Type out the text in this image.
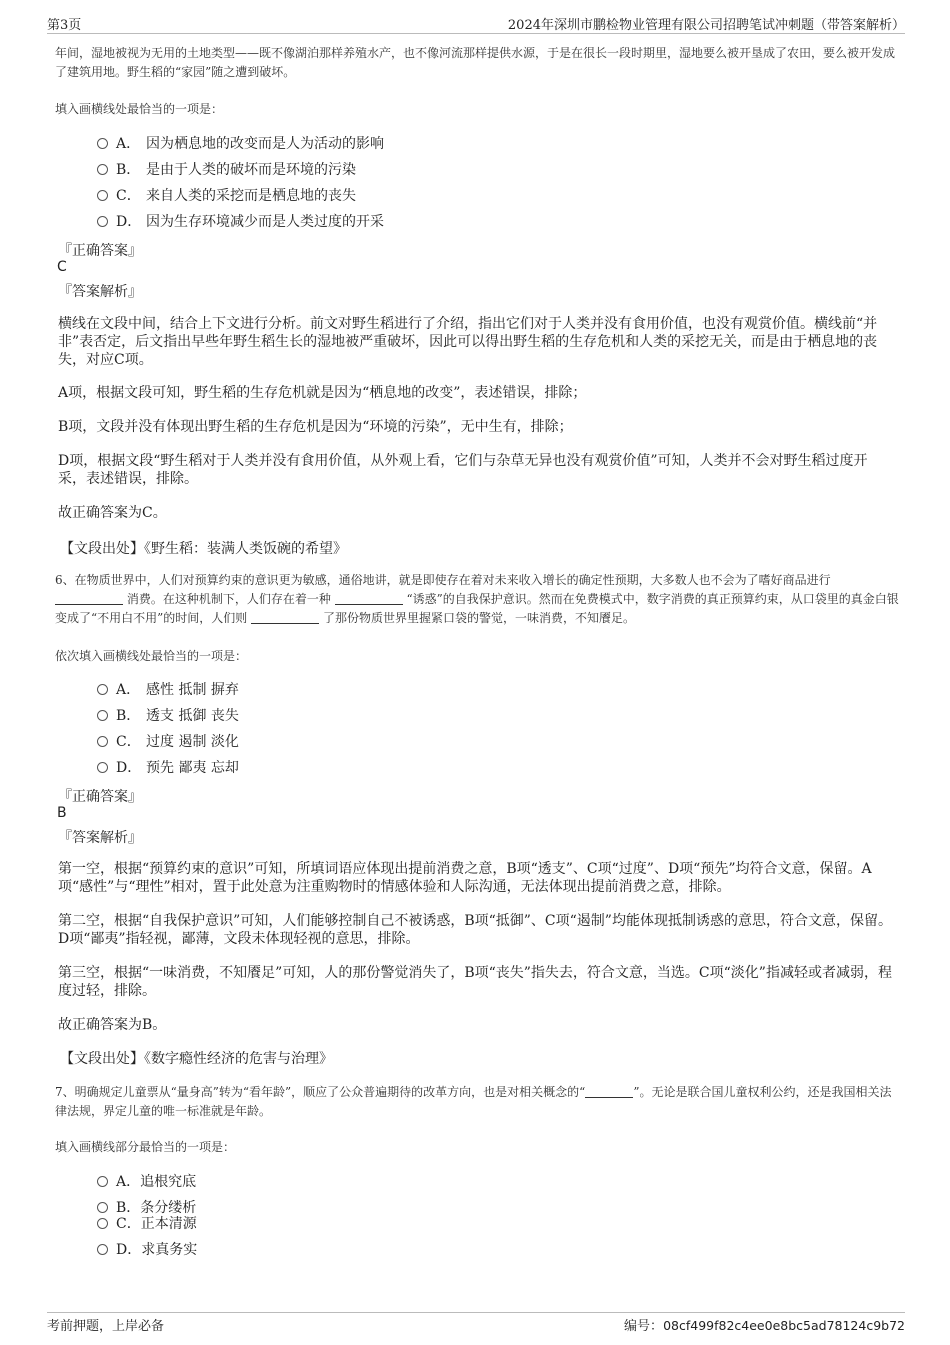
第3页	2024年深圳市鹏检物业管理有限公司招聘笔试冲刺题（带答案解析）
年间，湿地被视为无用的土地类型——既不像湖泊那样养殖水产，也不像河流那样提供水源，于是在很长一段时期里，湿地要么被开垦成了农田，要么被开发成了建筑用地。野生稻的“家园”随之遭到破坏。
填入画横线处最恰当的一项是：
A． 因为栖息地的改变而是人为活动的影响
B． 是由于人类的破坏而是环境的污染
C． 来自人类的采挖而是栖息地的丧失
D． 因为生存环境减少而是人类过度的开采
『正确答案』
C
『答案解析』
横线在文段中间，结合上下文进行分析。前文对野生稻进行了介绍，指出它们对于人类并没有食用价值，也没有观赏价值。横线前“并非”表否定，后文指出早些年野生稻生长的湿地被严重破坏，因此可以得出野生稻的生存危机和人类的采挖无关，而是由于栖息地的丧失，对应C项。
A项，根据文段可知，野生稻的生存危机就是因为“栖息地的改变”，表述错误，排除；
B项，文段并没有体现出野生稻的生存危机是因为“环境的污染”，无中生有，排除；
D项，根据文段“野生稻对于人类并没有食用价值，从外观上看，它们与杂草无异也没有观赏价值”可知，人类并不会对野生稻过度开采，表述错误，排除。
故正确答案为C。
【文段出处】《野生稻：装满人类饭碗的希望》
6、在物质世界中，人们对预算约束的意识更为敏感，通俗地讲，就是即使存在着对未来收入增长的确定性预期，大多数人也不会为了嗜好商品进行  消费。在这种机制下，人们存在着一种	“诱惑”的自我保护意识。然而在免费模式中，数字消费的真正预算约束，从口袋里的真金白银变成了“不用白不用”的时间，人们则	了那份物质世界里握紧口袋的警觉，一味消费，不知餍足。
依次填入画横线处最恰当的一项是：
A． 感性 抵制 摒弃
B． 透支 抵御 丧失
C． 过度 遏制 淡化
D． 预先 鄙夷 忘却
『正确答案』
B
『答案解析』
第一空，根据“预算约束的意识”可知，所填词语应体现出提前消费之意，B项“透支”、C项“过度”、D项“预先”均符合文意，保留。A项“感性”与“理性”相对，置于此处意为注重购物时的情感体验和人际沟通，无法体现出提前消费之意，排除。
第二空，根据“自我保护意识”可知，人们能够控制自己不被诱惑，B项“抵御”、C项“遏制”均能体现抵制诱惑的意思，符合文意，保留。D项“鄙夷”指轻视，鄙薄，文段未体现轻视的意思，排除。
第三空，根据“一味消费，不知餍足”可知，人的那份警觉消失了，B项“丧失”指失去，符合文意，当选。C项“淡化”指减轻或者减弱，程度过轻，排除。
故正确答案为B。
【文段出处】《数字瘾性经济的危害与治理》
7、明确规定儿童票从“量身高”转为“看年龄”，顺应了公众普遍期待的改革方向，也是对相关概念的“	”。无论是联合国儿童权利公约，还是我国相关法律法规，界定儿童的唯一标准就是年龄。
填入画横线部分最恰当的一项是：
A．追根究底
B．条分缕析
C．正本清源
D．求真务实
考前押题，上岸必备	编号：08cf499f82c4ee0e8bc5ad78124c9b72
